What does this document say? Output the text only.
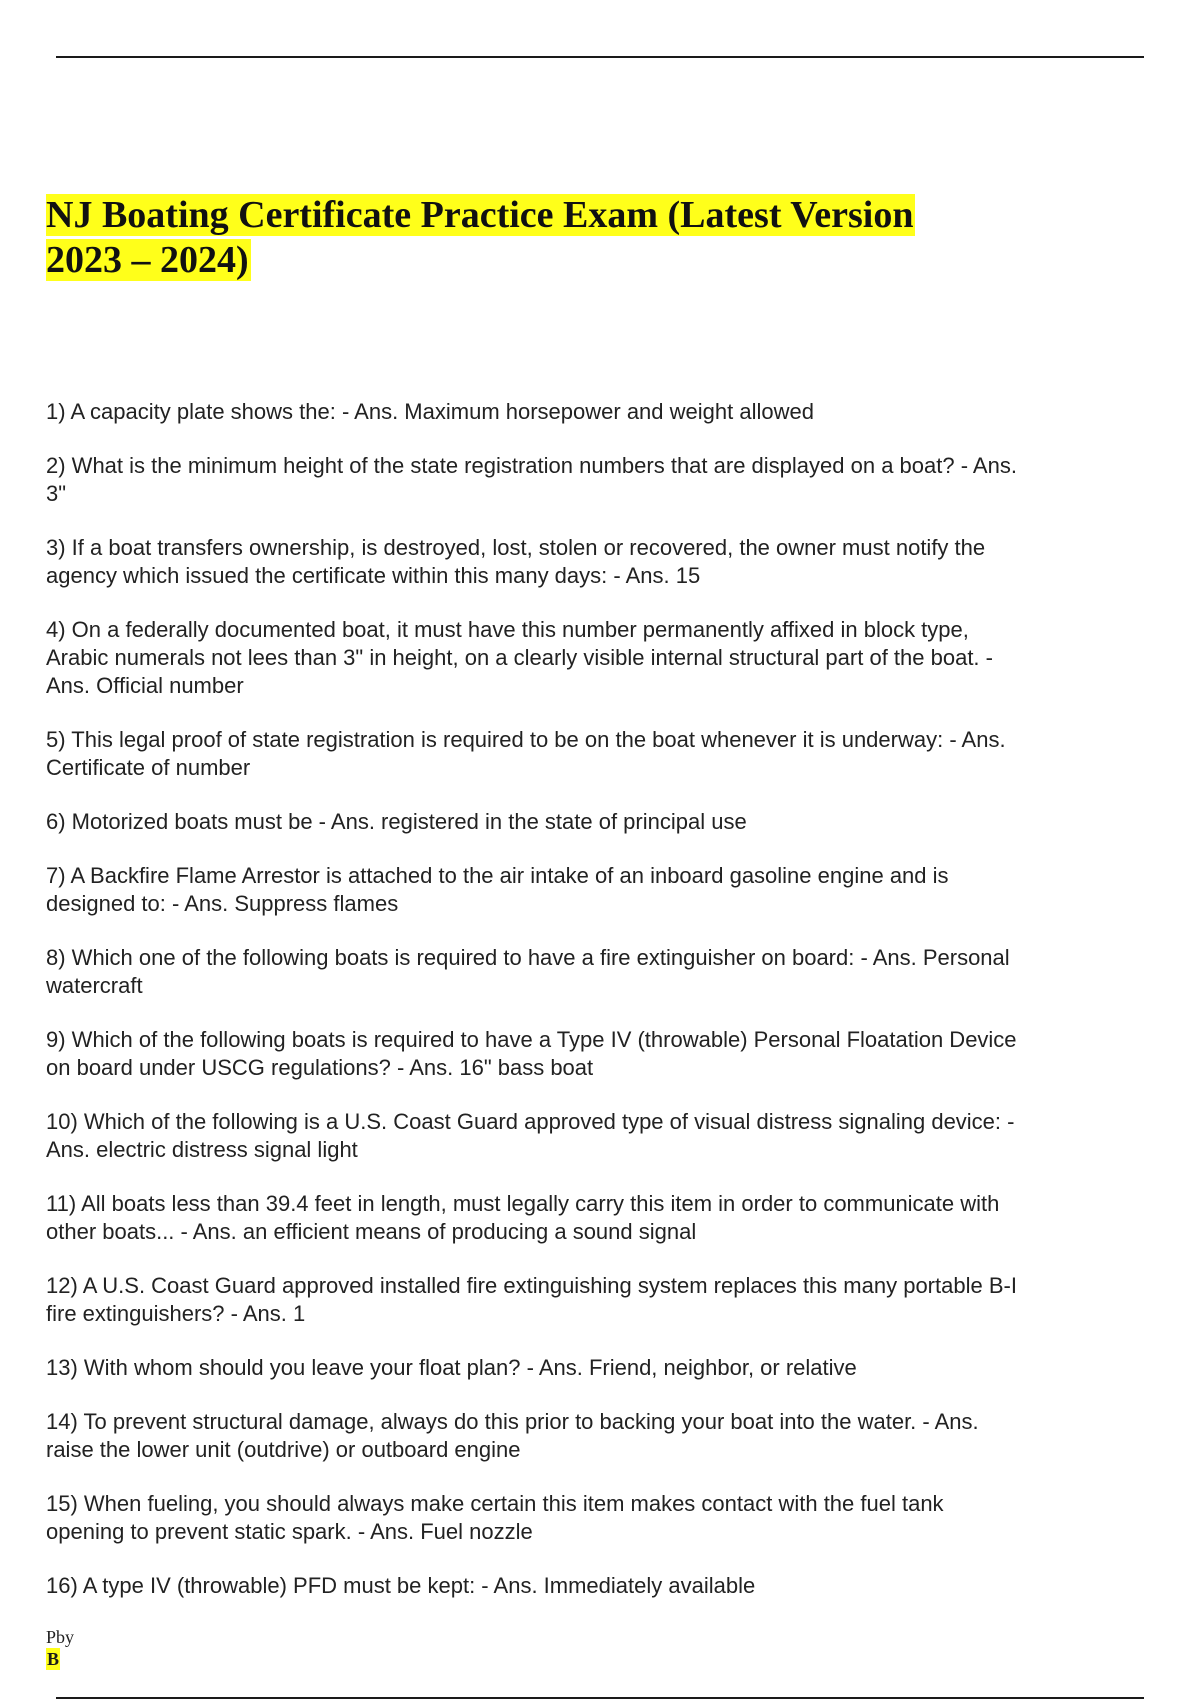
NJ Boating Certificate Practice Exam (Latest Version 2023 – 2024)
1) A capacity plate shows the: - Ans. Maximum horsepower and weight allowed
2) What is the minimum height of the state registration numbers that are displayed on a boat? - Ans. 3"
3) If a boat transfers ownership, is destroyed, lost, stolen or recovered, the owner must notify the agency which issued the certificate within this many days: - Ans. 15
4) On a federally documented boat, it must have this number permanently affixed in block type, Arabic numerals not lees than 3" in height, on a clearly visible internal structural part of the boat. - Ans. Official number
5) This legal proof of state registration is required to be on the boat whenever it is underway: - Ans. Certificate of number
6) Motorized boats must be - Ans. registered in the state of principal use
7) A Backfire Flame Arrestor is attached to the air intake of an inboard gasoline engine and is designed to: - Ans. Suppress flames
8) Which one of the following boats is required to have a fire extinguisher on board: - Ans. Personal watercraft
9) Which of the following boats is required to have a Type IV (throwable) Personal Floatation Device on board under USCG regulations? - Ans. 16" bass boat
10) Which of the following is a U.S. Coast Guard approved type of visual distress signaling device: - Ans. electric distress signal light
11) All boats less than 39.4 feet in length, must legally carry this item in order to communicate with other boats... - Ans. an efficient means of producing a sound signal
12) A U.S. Coast Guard approved installed fire extinguishing system replaces this many portable B-I fire extinguishers? - Ans. 1
13) With whom should you leave your float plan? - Ans. Friend, neighbor, or relative
14) To prevent structural damage, always do this prior to backing your boat into the water. - Ans. raise the lower unit (outdrive) or outboard engine
15) When fueling, you should always make certain this item makes contact with the fuel tank opening to prevent static spark. - Ans. Fuel nozzle
16) A type IV (throwable) PFD must be kept: - Ans. Immediately available
Pby
B
